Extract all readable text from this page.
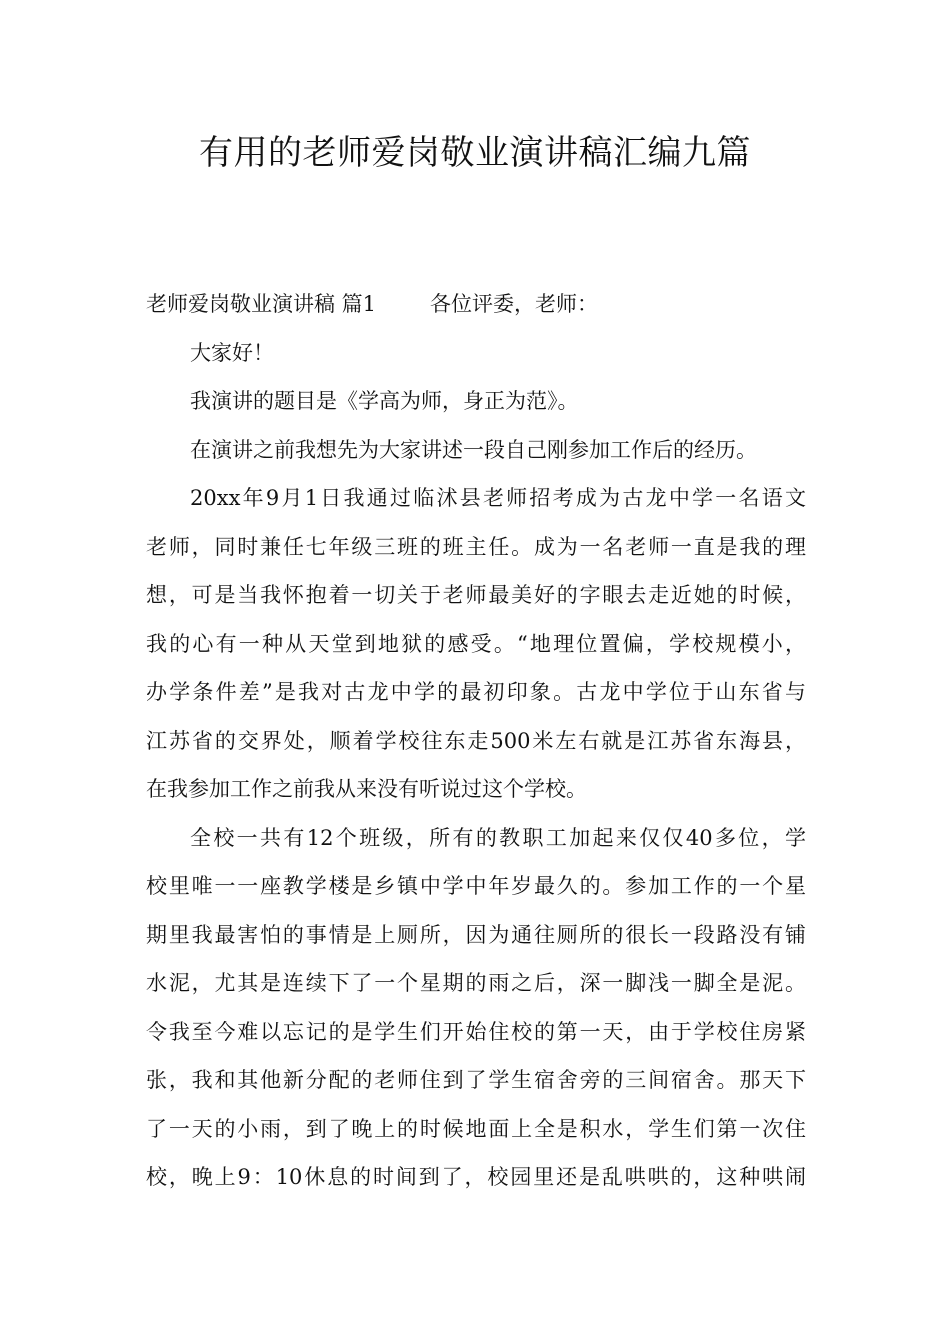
有用的老师爱岗敬业演讲稿汇编九篇
老师爱岗敬业演讲稿 篇1	各位评委，老师：
大家好！
我演讲的题目是《学高为师，身正为范》。
在演讲之前我想先为大家讲述一段自己刚参加工作后的经历。
20xx年9月1日我通过临沭县老师招考成为古龙中学一名语文
老师，同时兼任七年级三班的班主任。成为一名老师一直是我的理
想，可是当我怀抱着一切关于老师最美好的字眼去走近她的时候，
我的心有一种从天堂到地狱的感受。“地理位置偏，学校规模小，
办学条件差”是我对古龙中学的最初印象。古龙中学位于山东省与
江苏省的交界处，顺着学校往东走500米左右就是江苏省东海县，
在我参加工作之前我从来没有听说过这个学校。
全校一共有12个班级，所有的教职工加起来仅仅40多位，学
校里唯一一座教学楼是乡镇中学中年岁最久的。参加工作的一个星
期里我最害怕的事情是上厕所，因为通往厕所的很长一段路没有铺
水泥，尤其是连续下了一个星期的雨之后，深一脚浅一脚全是泥。
令我至今难以忘记的是学生们开始住校的第一天，由于学校住房紧
张，我和其他新分配的老师住到了学生宿舍旁的三间宿舍。那天下
了一天的小雨，到了晚上的时候地面上全是积水，学生们第一次住
校，晚上9：10休息的时间到了，校园里还是乱哄哄的，这种哄闹
